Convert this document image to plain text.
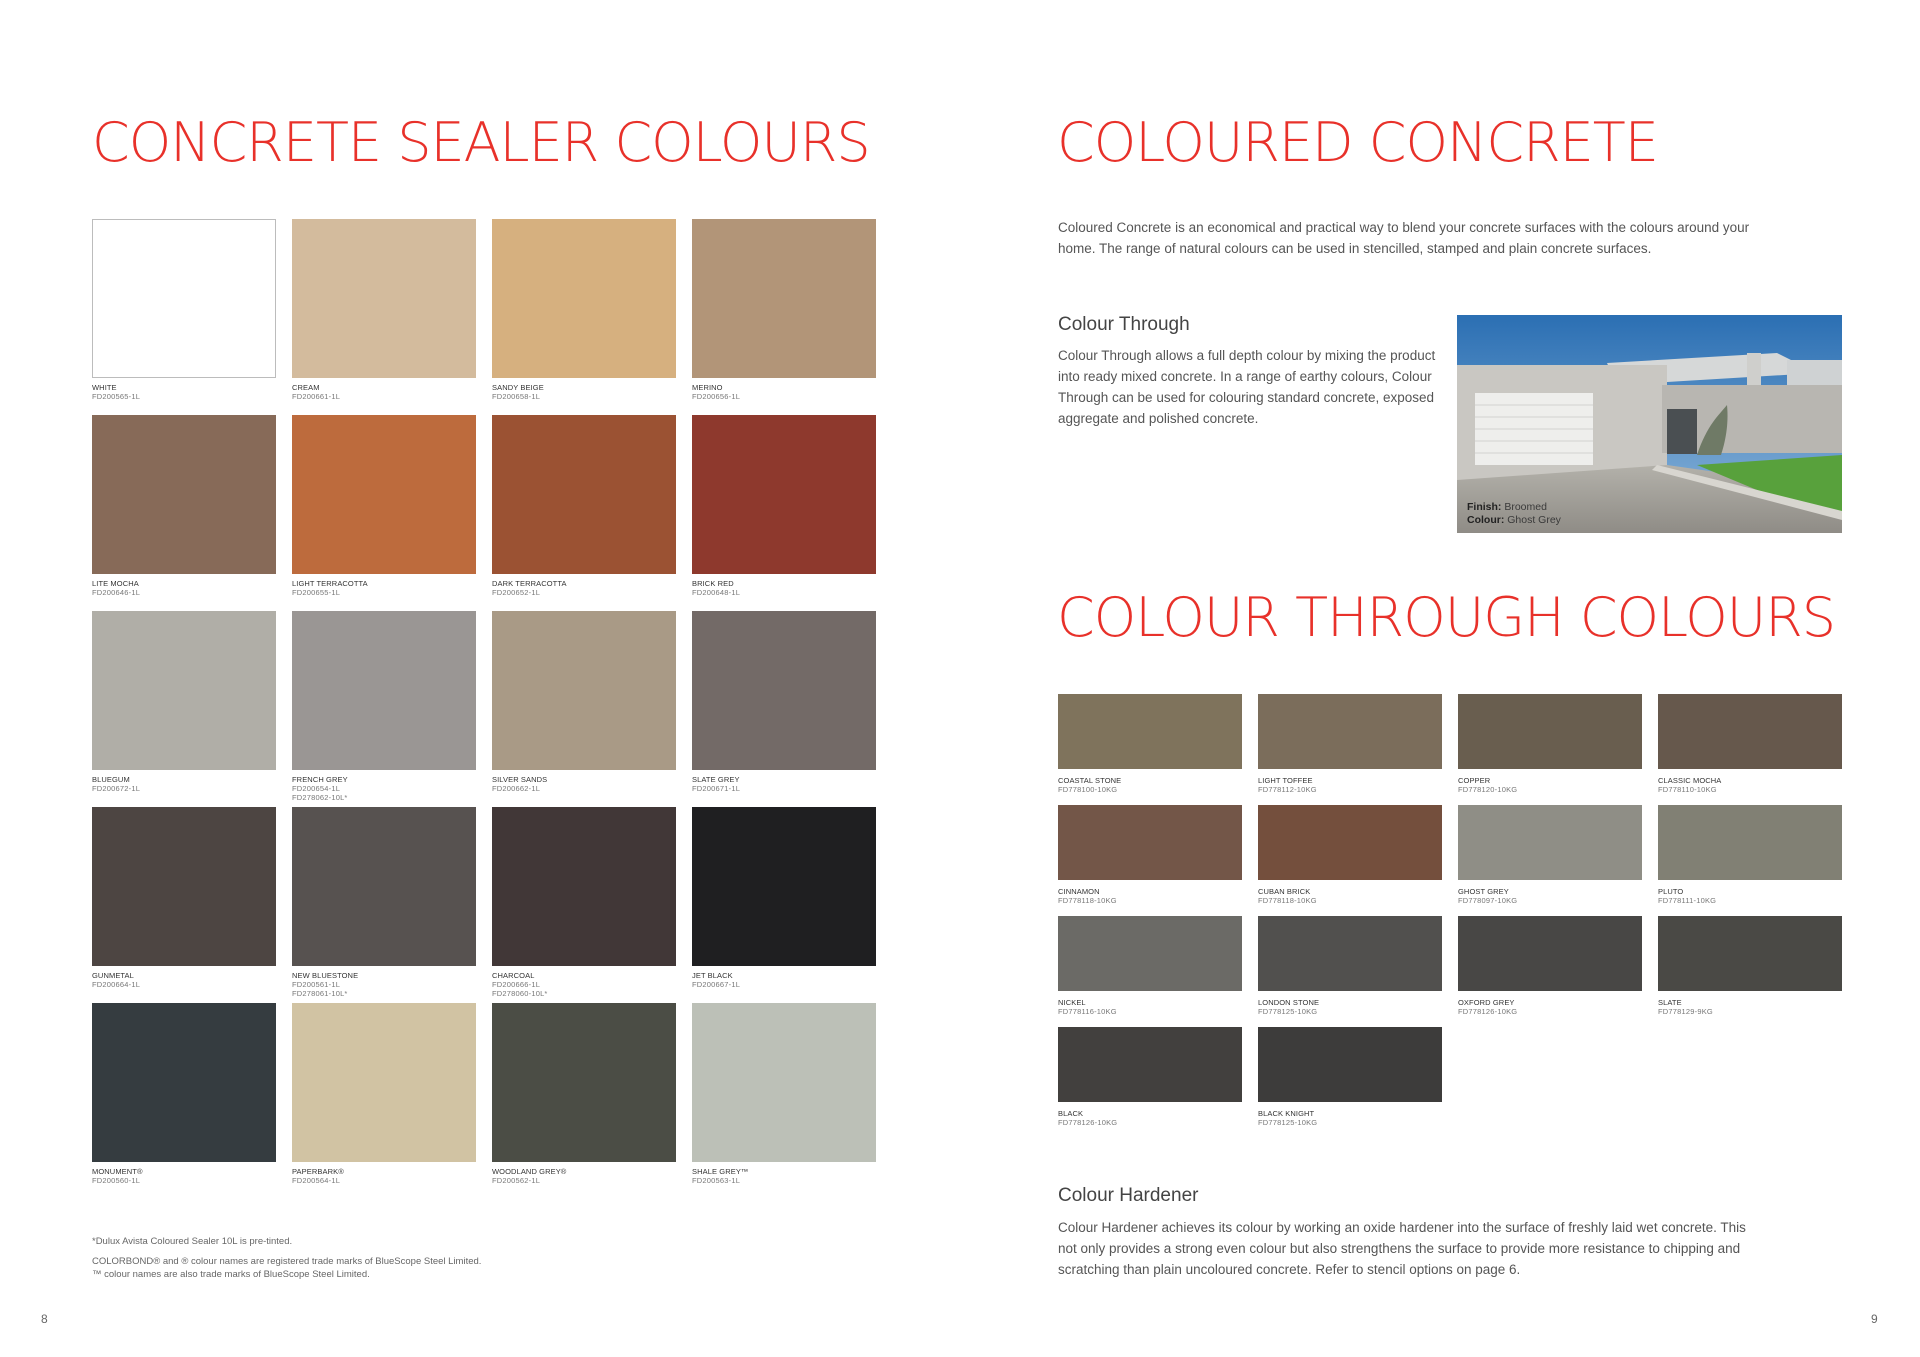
CONCRETE SEALER COLOURS
WHITE
FD200565-1L
CREAM
FD200661-1L
SANDY BEIGE
FD200658-1L
MERINO
FD200656-1L
LITE MOCHA
FD200646-1L
LIGHT TERRACOTTA
FD200655-1L
DARK TERRACOTTA
FD200652-1L
BRICK RED
FD200648-1L
BLUEGUM
FD200672-1L
FRENCH GREY
FD200654-1L
FD278062-10L*
SILVER SANDS
FD200662-1L
SLATE GREY
FD200671-1L
GUNMETAL
FD200664-1L
NEW BLUESTONE
FD200561-1L
FD278061-10L*
CHARCOAL
FD200666-1L
FD278060-10L*
JET BLACK
FD200667-1L
MONUMENT®
FD200560-1L
PAPERBARK®
FD200564-1L
WOODLAND GREY®
FD200562-1L
SHALE GREY™
FD200563-1L
*Dulux Avista Coloured Sealer 10L is pre-tinted.
COLORBOND® and ® colour names are registered trade marks of BlueScope Steel Limited.
™ colour names are also trade marks of BlueScope Steel Limited.
8
COLOURED CONCRETE

Coloured Concrete is an economical and practical way to blend your concrete surfaces with the colours around your home. The range of natural colours can be used in stencilled, stamped and plain concrete surfaces.

Colour Through

Colour Through allows a full depth colour by mixing the product into ready mixed concrete. In a range of earthy colours, Colour Through can be used for colouring standard concrete, exposed aggregate and polished concrete.

Finish: Broomed
Colour: Ghost Grey
COLOUR THROUGH COLOURS
COASTAL STONE
FD778100-10KG
LIGHT TOFFEE
FD778112-10KG
COPPER
FD778120-10KG
CLASSIC MOCHA
FD778110-10KG
CINNAMON
FD778118-10KG
CUBAN BRICK
FD778118-10KG
GHOST GREY
FD778097-10KG
PLUTO
FD778111-10KG
NICKEL
FD778116-10KG
LONDON STONE
FD778125-10KG
OXFORD GREY
FD778126-10KG
SLATE
FD778129-9KG
BLACK
FD778126-10KG
BLACK KNIGHT
FD778125-10KG
Colour Hardener

Colour Hardener achieves its colour by working an oxide hardener into the surface of freshly laid wet concrete. This not only provides a strong even colour but also strengthens the surface to provide more resistance to chipping and scratching than plain uncoloured concrete. Refer to stencil options on page 6.

9
